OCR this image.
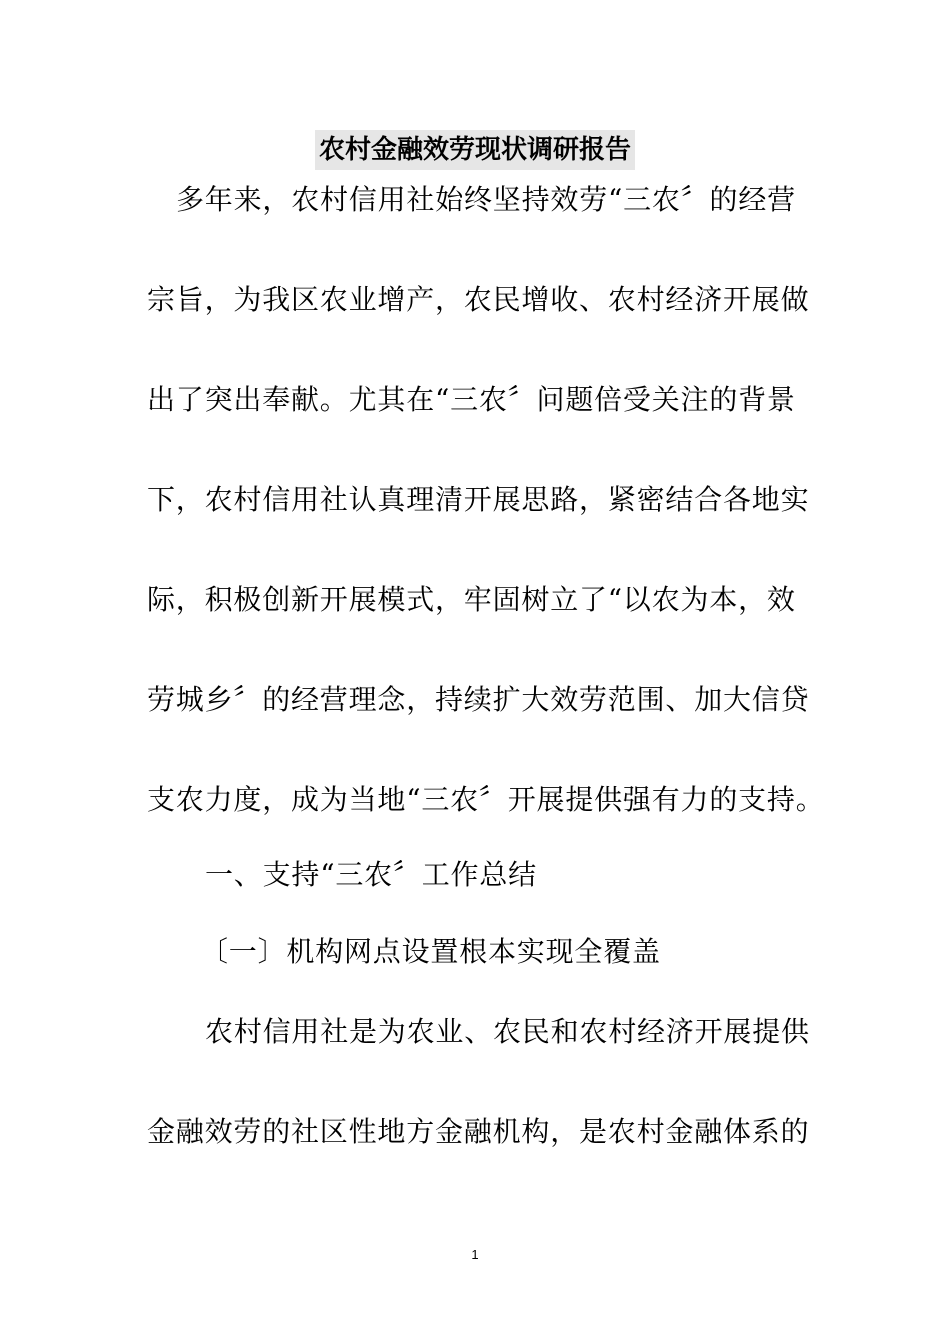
农村金融效劳现状调研报告
多年来，农村信用社始终坚持效劳“三农〞的经营
宗旨，为我区农业增产，农民增收、农村经济开展做
出了突出奉献。尤其在“三农〞问题倍受关注的背景
下，农村信用社认真理清开展思路，紧密结合各地实
际，积极创新开展模式，牢固树立了“以农为本，效
劳城乡〞的经营理念，持续扩大效劳范围、加大信贷
支农力度，成为当地“三农〞开展提供强有力的支持。
一、支持“三农〞工作总结
〔一〕机构网点设置根本实现全覆盖
农村信用社是为农业、农民和农村经济开展提供
金融效劳的社区性地方金融机构，是农村金融体系的
1
